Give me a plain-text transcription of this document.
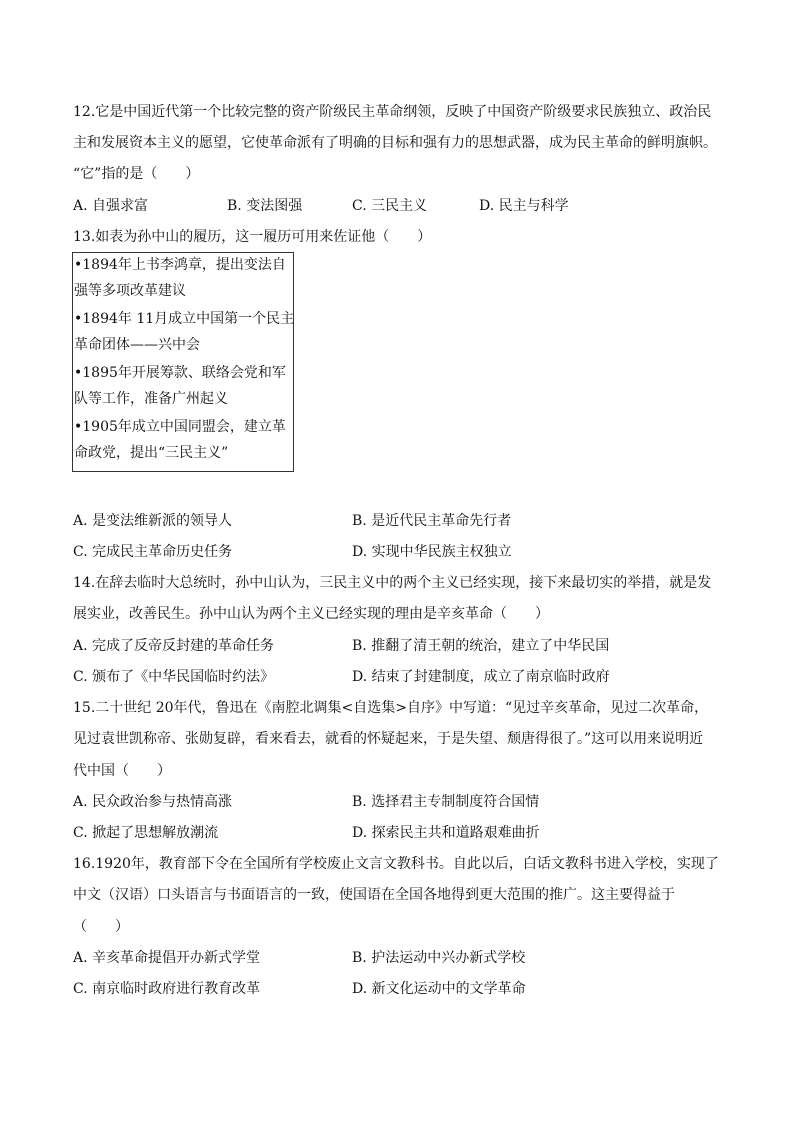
12.它是中国近代第一个比较完整的资产阶级民主革命纲领，反映了中国资产阶级要求民族独立、政治民
主和发展资本主义的愿望，它使革命派有了明确的目标和强有力的思想武器，成为民主革命的鲜明旗帜。
“它”指的是（　　）
A. 自强求富	B. 变法图强	C. 三民主义	D. 民主与科学
13.如表为孙中山的履历，这一履历可用来佐证他（　　）
•1894年上书李鸿章，提出变法自
强等多项改革建议
•1894年 11月成立中国第一个民主
革命团体——兴中会
•1895年开展筹款、联络会党和军
队等工作，准备广州起义
•1905年成立中国同盟会，建立革
命政党，提出“三民主义”
A. 是变法维新派的领导人	B. 是近代民主革命先行者
C. 完成民主革命历史任务	D. 实现中华民族主权独立
14.在辞去临时大总统时，孙中山认为，三民主义中的两个主义已经实现，接下来最切实的举措，就是发
展实业，改善民生。孙中山认为两个主义已经实现的理由是辛亥革命（　　）
A. 完成了反帝反封建的革命任务	B. 推翻了清王朝的统治，建立了中华民国
C. 颁布了《中华民国临时约法》	D. 结束了封建制度，成立了南京临时政府
15.二十世纪 20年代，鲁迅在《南腔北调集<自选集>自序》中写道：“见过辛亥革命，见过二次革命，
见过袁世凯称帝、张勋复辟，看来看去，就看的怀疑起来，于是失望、颓唐得很了。”这可以用来说明近
代中国（　　）
A. 民众政治参与热情高涨	B. 选择君主专制制度符合国情
C. 掀起了思想解放潮流	D. 探索民主共和道路艰难曲折
16.1920年，教育部下令在全国所有学校废止文言文教科书。自此以后，白话文教科书进入学校，实现了
中文（汉语）口头语言与书面语言的一致，使国语在全国各地得到更大范围的推广。这主要得益于
（　　）
A. 辛亥革命提倡开办新式学堂	B. 护法运动中兴办新式学校
C. 南京临时政府进行教育改革	D. 新文化运动中的文学革命
